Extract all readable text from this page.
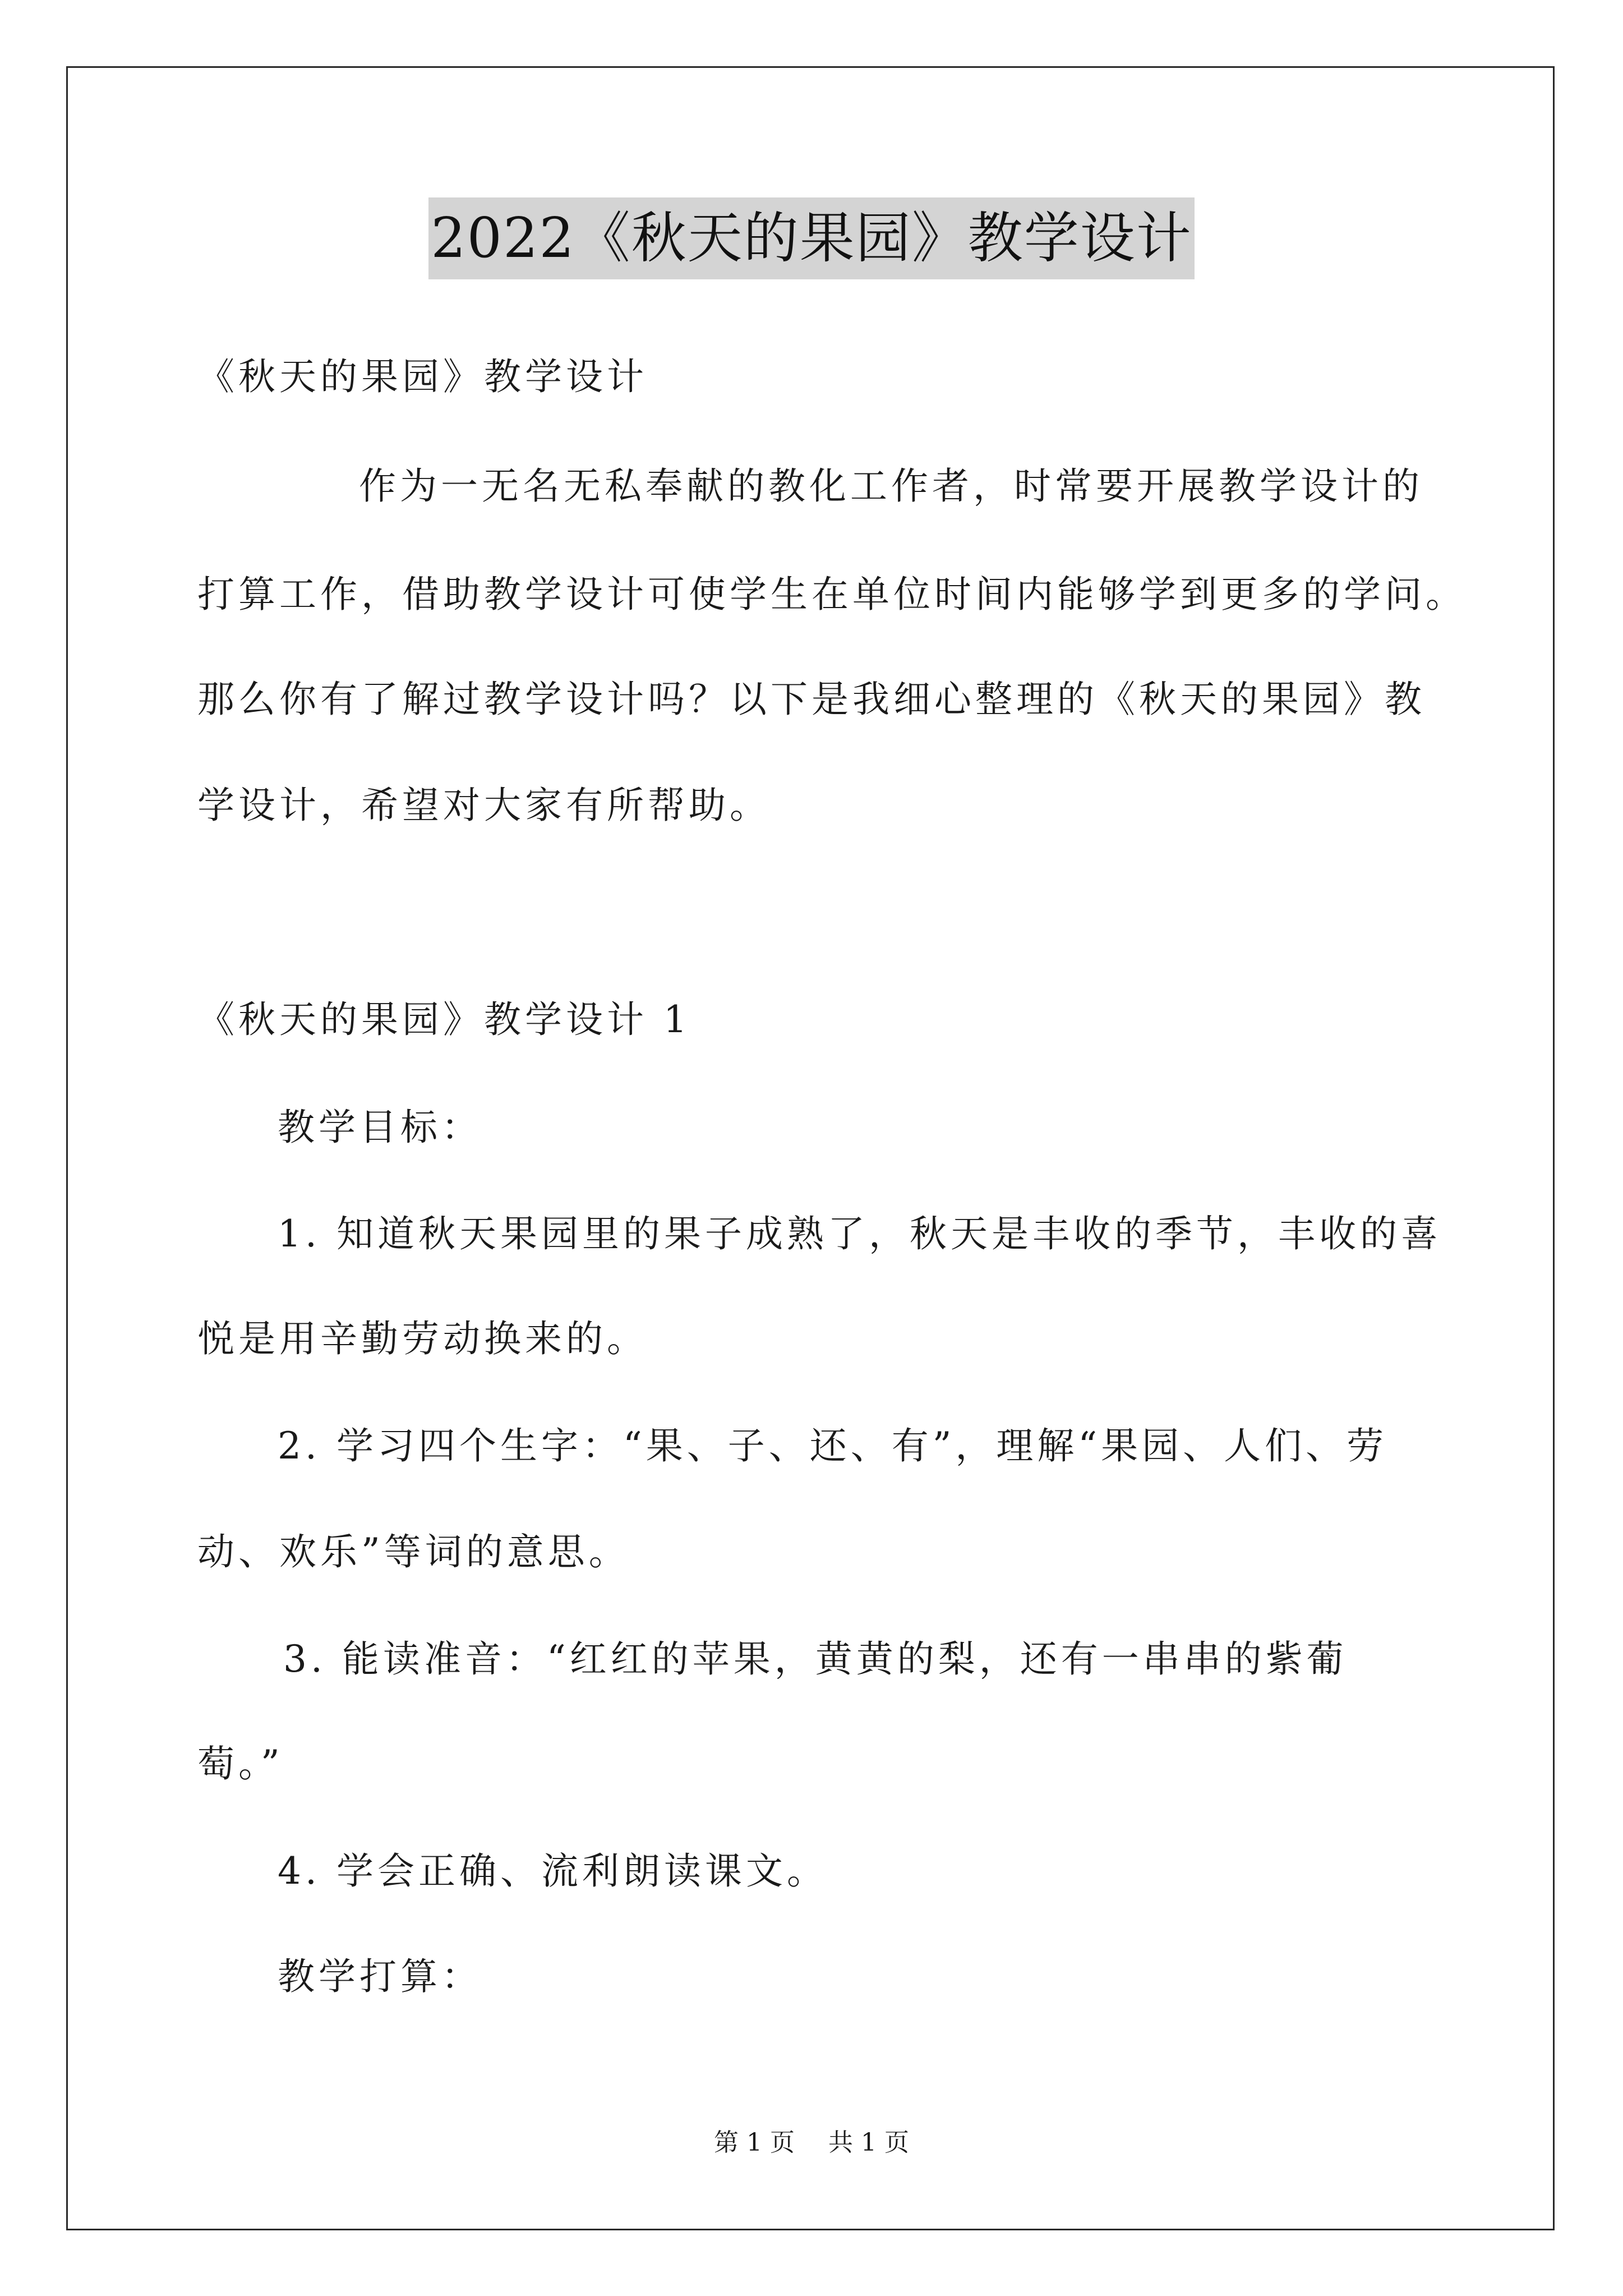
2022《秋天的果园》教学设计
《秋天的果园》教学设计
作为一无名无私奉献的教化工作者，时常要开展教学设计的
打算工作，借助教学设计可使学生在单位时间内能够学到更多的学问。
那么你有了解过教学设计吗？以下是我细心整理的《秋天的果园》教
学设计，希望对大家有所帮助。
《秋天的果园》教学设计 1
教学目标：
1. 知道秋天果园里的果子成熟了，秋天是丰收的季节，丰收的喜
悦是用辛勤劳动换来的。
2. 学习四个生字：“果、子、还、有”，理解“果园、人们、劳
动、欢乐”等词的意思。
3. 能读准音：“红红的苹果，黄黄的梨，还有一串串的紫葡
萄。”
4. 学会正确、流利朗读课文。
教学打算：
第 1 页 共 1 页
